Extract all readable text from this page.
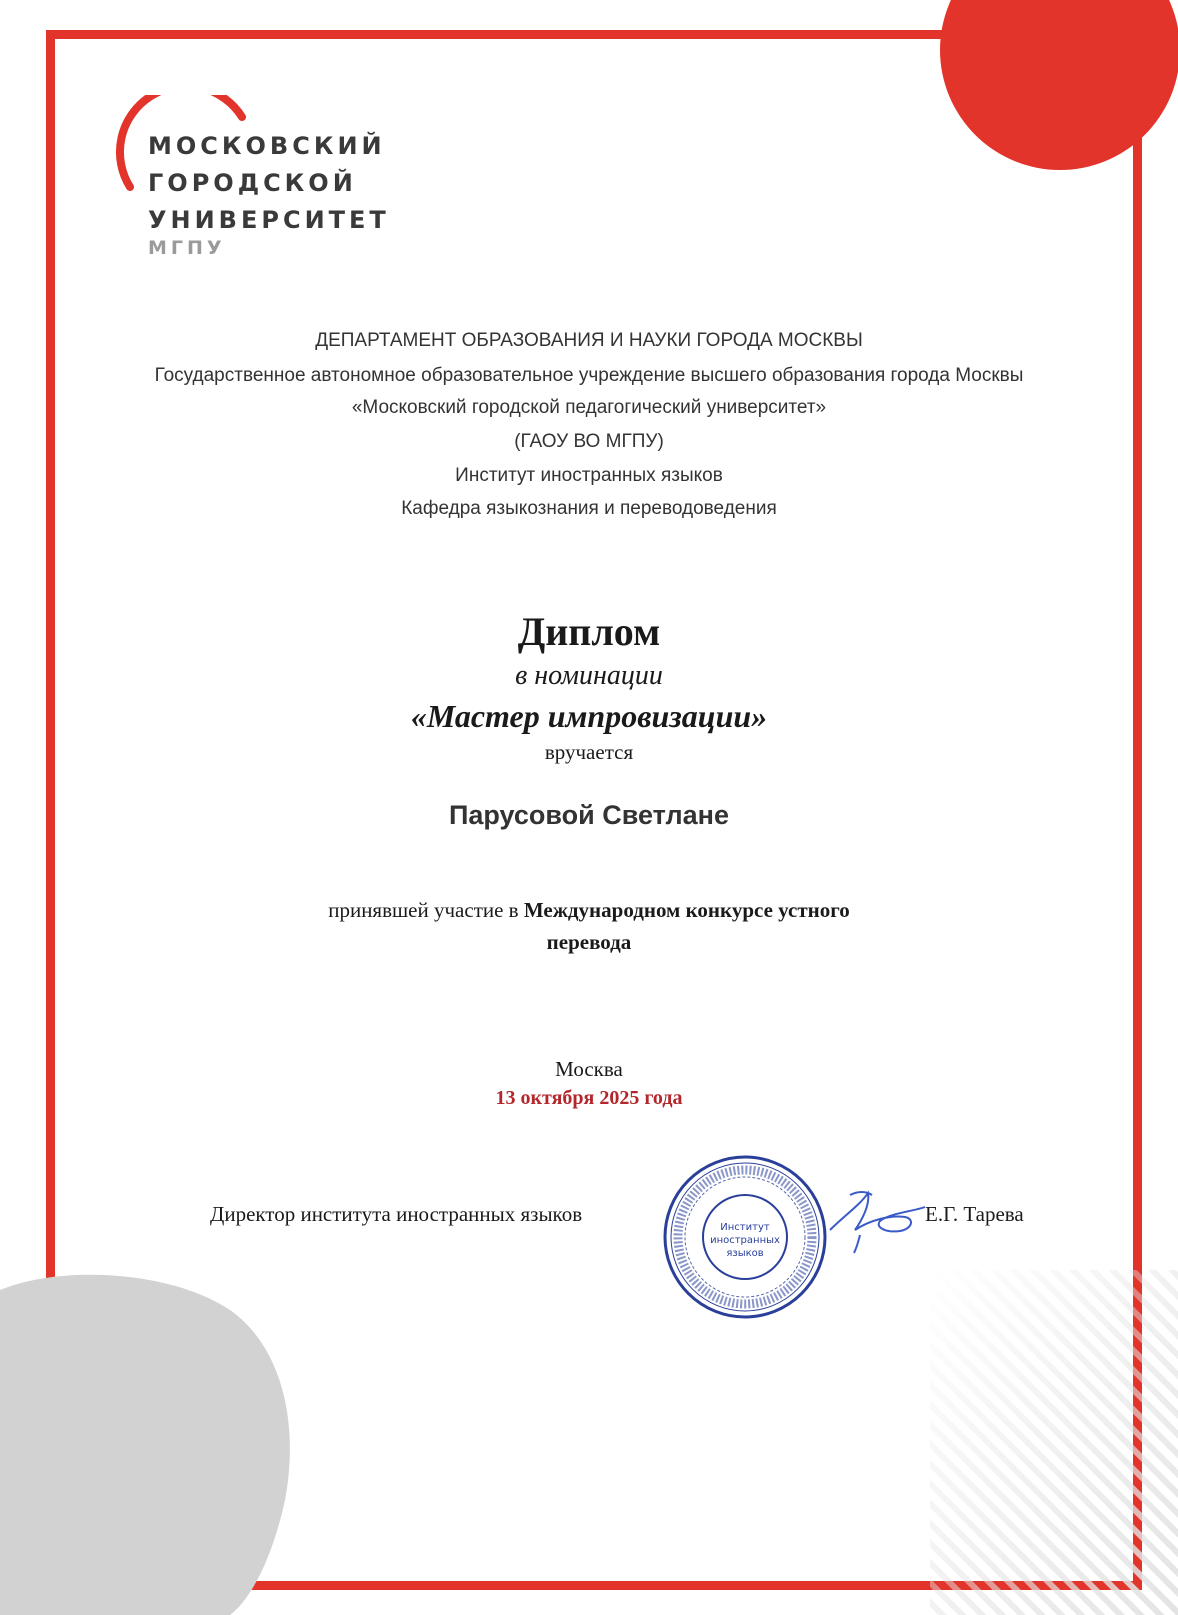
МОСКОВСКИЙ
ГОРОДСКОЙ
УНИВЕРСИТЕТ
МГПУ
ДЕПАРТАМЕНТ ОБРАЗОВАНИЯ И НАУКИ ГОРОДА МОСКВЫ
Государственное автономное образовательное учреждение высшего образования города Москвы
«Московский городской педагогический университет»
(ГАОУ ВО МГПУ)
Институт иностранных языков
Кафедра языкознания и переводоведения
Диплом
в номинации
«Мастер импровизации»
вручается
Парусовой Светлане
принявшей участие в Международном конкурсе устного
перевода
Москва
13 октября 2025 года
Директор института иностранных языков
Институт
иностранных
языков
Е.Г. Тарева
